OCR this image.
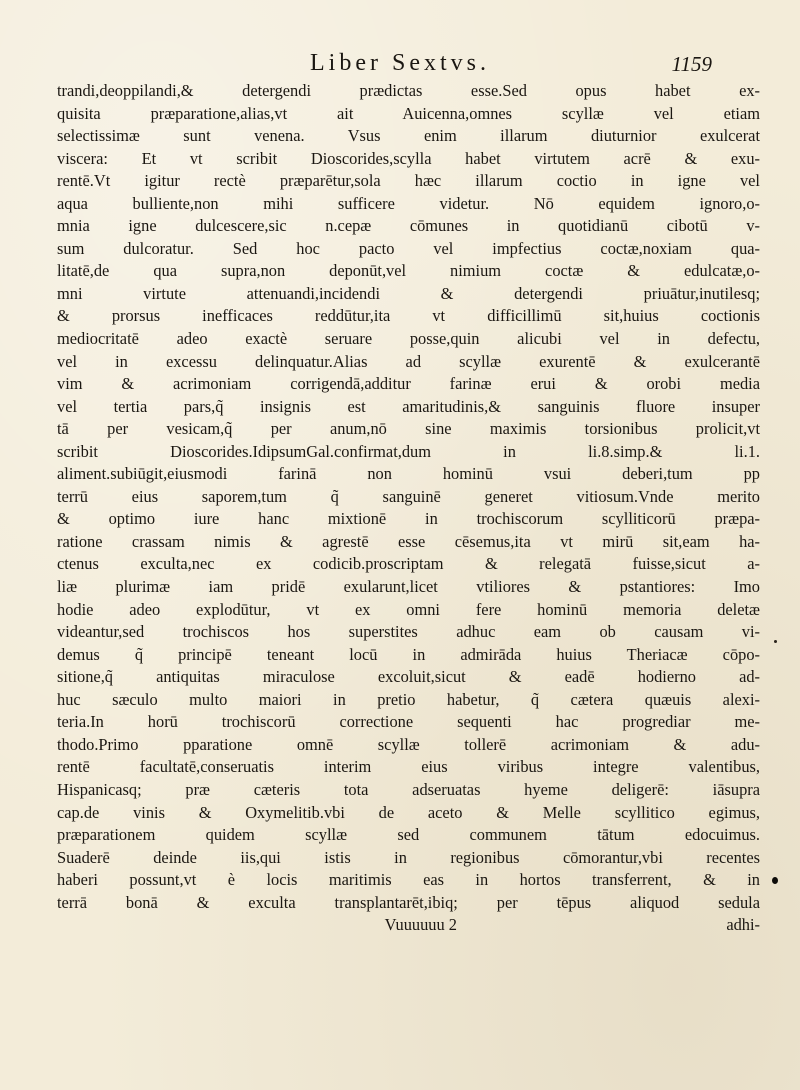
Liber Sextvs.	1159
trandi,deoppilandi,& detergendi prædictas esse.Sed opus habet ex-
quisita præparatione,alias,vt ait Auicenna,omnes scyllæ vel etiam
selectissimæ sunt venena. Vsus enim illarum diuturnior exulcerat
viscera: Et vt scribit Dioscorides,scylla habet virtutem acrē & exu-
rentē.Vt igitur rectè præparētur,sola hæc illarum coctio in igne vel
aqua bulliente,non mihi sufficere videtur. Nō equidem ignoro,o-
mnia igne dulcescere,sic n.cepæ cōmunes in quotidianū cibotū v-
sum dulcoratur. Sed hoc pacto vel impfectius coctæ,noxiam qua-
litatē,de qua supra,non deponūt,vel nimium coctæ & edulcatæ,o-
mni virtute attenuandi,incidendi & detergendi priuātur,inutilesq;
& prorsus inefficaces reddūtur,ita vt difficillimū sit,huius coctionis
mediocritatē adeo exactè seruare posse,quin alicubi vel in defectu,
vel in excessu delinquatur.Alias ad scyllæ exurentē & exulcerantē
vim & acrimoniam corrigendā,additur farinæ erui & orobi media
vel tertia pars,q̃ insignis est amaritudinis,& sanguinis fluore insuper
tā per vesicam,q̃ per anum,nō sine maximis torsionibus prolicit,vt
scribit Dioscorides.IdipsumGal.confirmat,dum in li.8.simp.& li.1.
aliment.subiūgit,eiusmodi farinā non hominū vsui deberi,tum pp
terrū eius saporem,tum q̃ sanguinē generet vitiosum.Vnde merito
& optimo iure hanc mixtionē in trochiscorum scylliticorū præpa-
ratione crassam nimis & agrestē esse cēsemus,ita vt mirū sit,eam ha-
ctenus exculta,nec ex codicib.proscriptam & relegatā fuisse,sicut a-
liæ plurimæ iam pridē exularunt,licet vtiliores & pstantiores: Imo
hodie adeo explodūtur, vt ex omni fere hominū memoria deletæ
videantur,sed trochiscos hos superstites adhuc eam ob causam vi-
demus q̃ principē teneant locū in admirāda huius Theriacæ cōpo-
sitione,q̃ antiquitas miraculose excoluit,sicut & eadē hodierno ad-
huc sæculo multo maiori in pretio habetur, q̃ cætera quæuis alexi-
teria.In horū trochiscorū correctione sequenti hac progrediar me-
thodo.Primo pparatione omnē scyllæ tollerē acrimoniam & adu-
rentē facultatē,conseruatis interim eius viribus integre valentibus,
Hispanicasq; præ cæteris tota adseruatas hyeme deligerē: iāsupra
cap.de vinis & Oxymelitib.vbi de aceto & Melle scyllitico egimus,
præparationem quidem scyllæ sed communem tātum edocuimus.
Suaderē deinde iis,qui istis in regionibus cōmorantur,vbi recentes
haberi possunt,vt è locis maritimis eas in hortos transferrent, & in
terrā bonā & exculta transplantarēt,ibiq; per tēpus aliquod sedula
Vuuuuuu 2	adhi-
